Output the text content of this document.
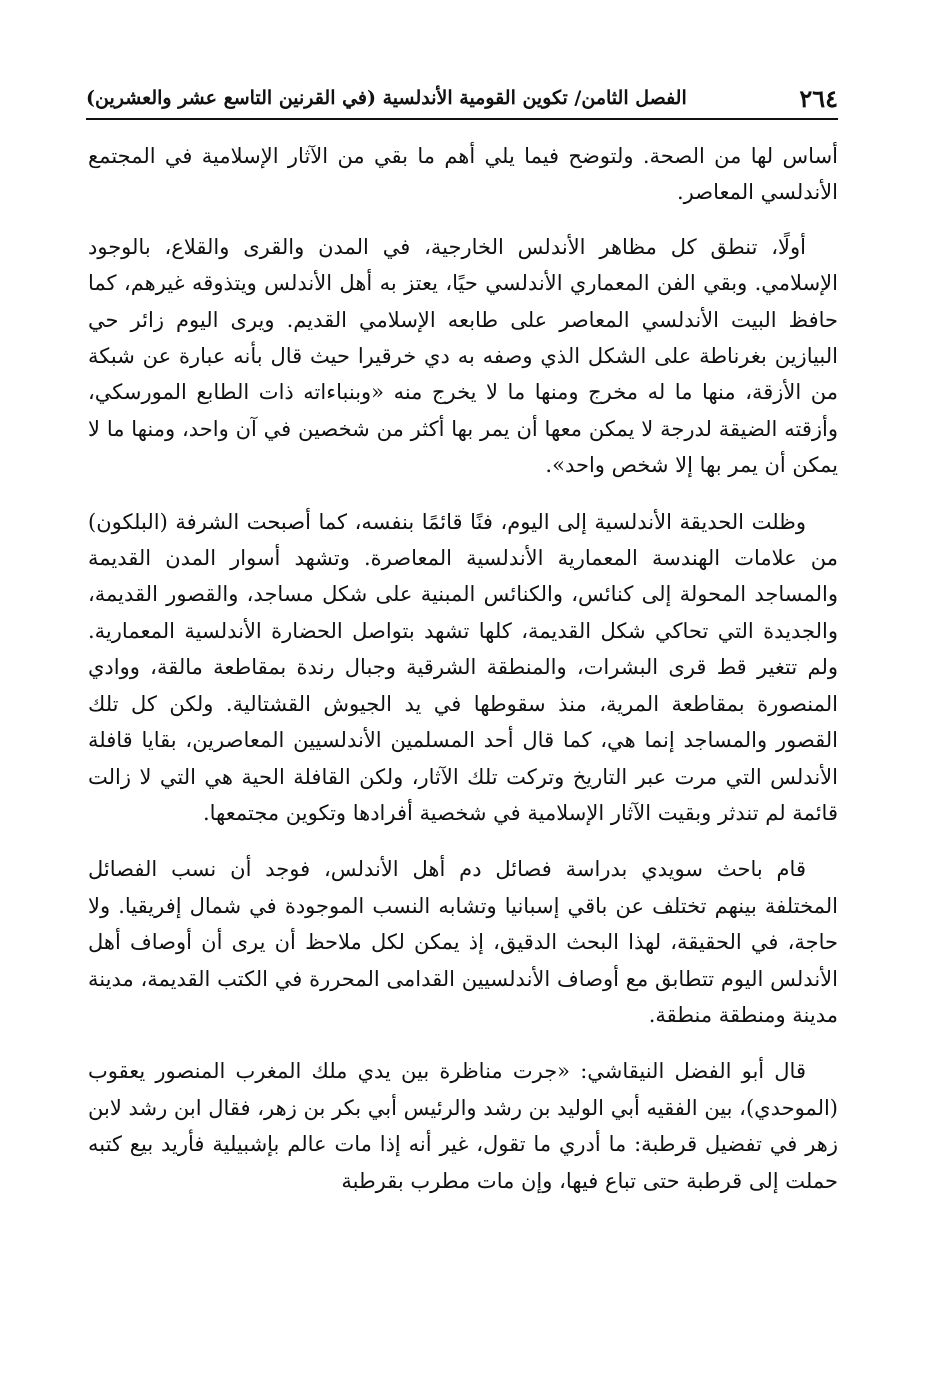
٢٦٤
الفصل الثامن/ تكوين القومية الأندلسية (في القرنين التاسع عشر والعشرين)

أساس لها من الصحة. ولتوضح فيما يلي أهم ما بقي من الآثار الإسلامية في المجتمع الأندلسي المعاصر.

أولًا، تنطق كل مظاهر الأندلس الخارجية، في المدن والقرى والقلاع، بالوجود الإسلامي. وبقي الفن المعماري الأندلسي حيًا، يعتز به أهل الأندلس ويتذوقه غيرهم، كما حافظ البيت الأندلسي المعاصر على طابعه الإسلامي القديم. ويرى اليوم زائر حي البيازين بغرناطة على الشكل الذي وصفه به دي خرقيرا حيث قال بأنه عبارة عن شبكة من الأزقة، منها ما له مخرج ومنها ما لا يخرج منه «وبنباءاته ذات الطابع المورسكي، وأزقته الضيقة لدرجة لا يمكن معها أن يمر بها أكثر من شخصين في آن واحد، ومنها ما لا يمكن أن يمر بها إلا شخص واحد».

وظلت الحديقة الأندلسية إلى اليوم، فنًا قائمًا بنفسه، كما أصبحت الشرفة (البلكون) من علامات الهندسة المعمارية الأندلسية المعاصرة. وتشهد أسوار المدن القديمة والمساجد المحولة إلى كنائس، والكنائس المبنية على شكل مساجد، والقصور القديمة، والجديدة التي تحاكي شكل القديمة، كلها تشهد بتواصل الحضارة الأندلسية المعمارية. ولم تتغير قط قرى البشرات، والمنطقة الشرقية وجبال رندة بمقاطعة مالقة، ووادي المنصورة بمقاطعة المرية، منذ سقوطها في يد الجيوش القشتالية. ولكن كل تلك القصور والمساجد إنما هي، كما قال أحد المسلمين الأندلسيين المعاصرين، بقايا قافلة الأندلس التي مرت عبر التاريخ وتركت تلك الآثار، ولكن القافلة الحية هي التي لا زالت قائمة لم تندثر وبقيت الآثار الإسلامية في شخصية أفرادها وتكوين مجتمعها.

قام باحث سويدي بدراسة فصائل دم أهل الأندلس، فوجد أن نسب الفصائل المختلفة بينهم تختلف عن باقي إسبانيا وتشابه النسب الموجودة في شمال إفريقيا. ولا حاجة، في الحقيقة، لهذا البحث الدقيق، إذ يمكن لكل ملاحظ أن يرى أن أوصاف أهل الأندلس اليوم تتطابق مع أوصاف الأندلسيين القدامى المحررة في الكتب القديمة، مدينة مدينة ومنطقة منطقة.

قال أبو الفضل النيقاشي: «جرت مناظرة بين يدي ملك المغرب المنصور يعقوب (الموحدي)، بين الفقيه أبي الوليد بن رشد والرئيس أبي بكر بن زهر، فقال ابن رشد لابن زهر في تفضيل قرطبة: ما أدري ما تقول، غير أنه إذا مات عالم بإشبيلية فأريد بيع كتبه حملت إلى قرطبة حتى تباع فيها، وإن مات مطرب بقرطبة
